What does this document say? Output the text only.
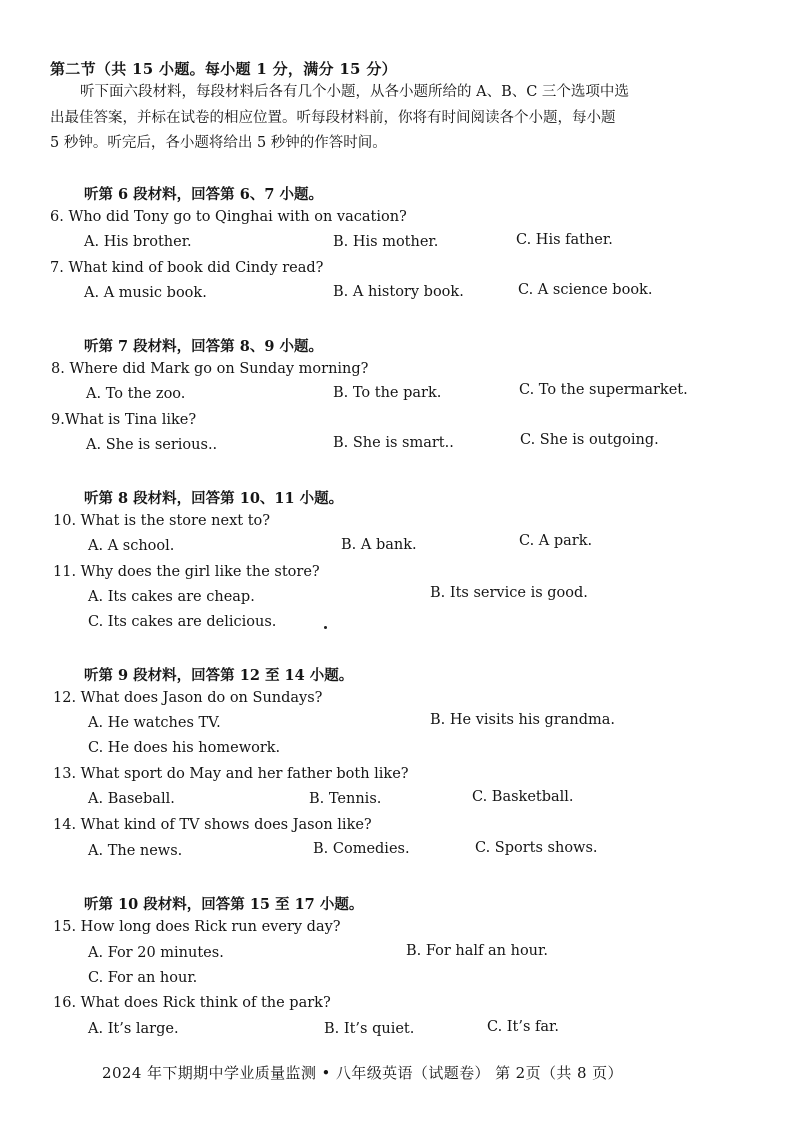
第二节（共 15 小题。每小题 1 分，满分 15 分）
听下面六段材料，每段材料后各有几个小题，从各小题所给的 A、B、C 三个选项中选
出最佳答案，并标在试卷的相应位置。听每段材料前，你将有时间阅读各个小题，每小题
5 秒钟。听完后，各小题将给出 5 秒钟的作答时间。
听第 6 段材料，回答第 6、7 小题。
6. Who did Tony go to Qinghai with on vacation?
A. His brother.	B. His mother.	C. His father.
7. What kind of book did Cindy read?
A. A music book.	B. A history book.	C. A science book.
听第 7 段材料，回答第 8、9 小题。
8. Where did Mark go on Sunday morning?
A. To the zoo.	B. To the park.	C. To the supermarket.
9.What is Tina like?
A. She is serious..	B. She is smart..	C. She is outgoing.
听第 8 段材料，回答第 10、11 小题。
10. What is the store next to?
A. A school.	B. A bank.	C. A park.
11. Why does the girl like the store?
A. Its cakes are cheap.	B. Its service is good.
C. Its cakes are delicious.
听第 9 段材料，回答第 12 至 14 小题。
12. What does Jason do on Sundays?
A. He watches TV.	B. He visits his grandma.
C. He does his homework.
13. What sport do May and her father both like?
A. Baseball.	B. Tennis.	C. Basketball.
14. What kind of TV shows does Jason like?
A. The news.	B. Comedies.	C. Sports shows.
听第 10 段材料，回答第 15 至 17 小题。
15. How long does Rick run every day?
A. For 20 minutes.	B. For half an hour.
C. For an hour.
16. What does Rick think of the park?
A. It’s large.	B. It’s quiet.	C. It’s far.
2024 年下期期中学业质量监测 • 八年级英语（试题卷） 第 2页（共 8 页）
